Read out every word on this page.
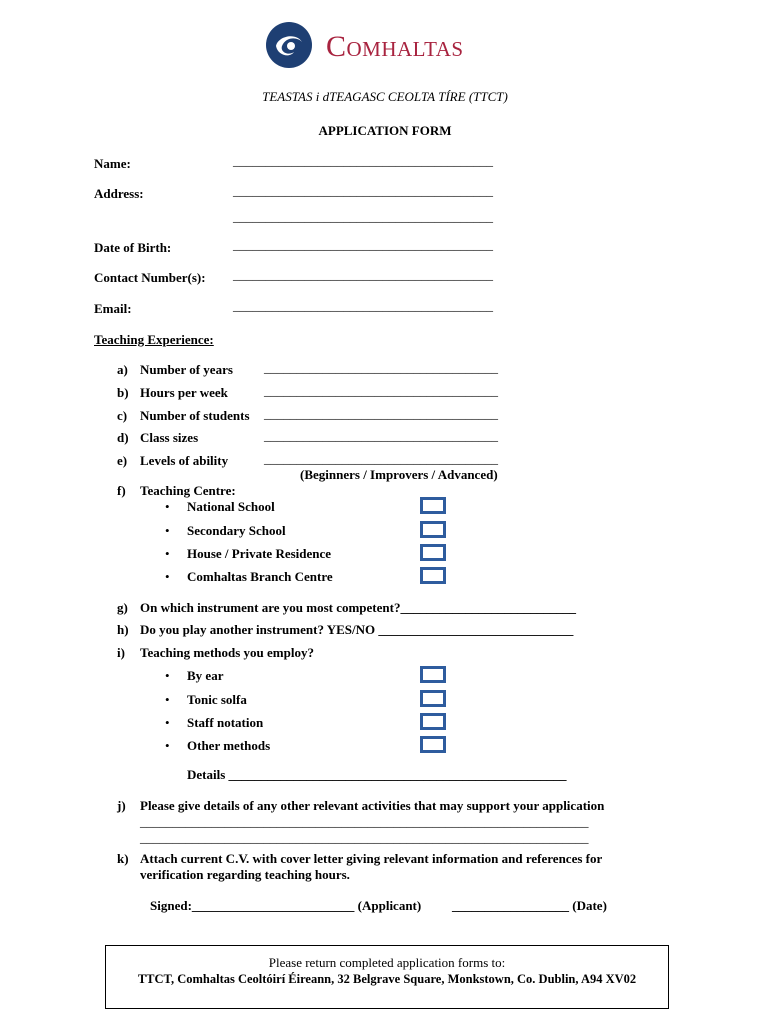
Comhaltas
TEASTAS i dTEAGASC CEOLTA TÍRE (TTCT)
APPLICATION FORM
Name:	________________________________________
Address:	________________________________________
________________________________________
Date of Birth:	________________________________________
Contact Number(s): ________________________________________
Email:	________________________________________
Teaching Experience:
a) Number of years ____________________________________
b) Hours per week	____________________________________
c) Number of students ____________________________________
d) Class sizes	____________________________________
e) Levels of ability	____________________________________
(Beginners / Improvers / Advanced)
f) Teaching Centre:
• National School
• Secondary School
• House / Private Residence
• Comhaltas Branch Centre
g) On which instrument are you most competent?___________________________
h) Do you play another instrument? YES/NO ______________________________
i) Teaching methods you employ?
• By ear
• Tonic solfa
• Staff notation
• Other methods
Details ____________________________________________________
j) Please give details of any other relevant activities that may support your application
_____________________________________________________________________
_____________________________________________________________________
k) Attach current C.V. with cover letter giving relevant information and references for
verification regarding teaching hours.
Signed:_________________________ (Applicant) __________________ (Date)
Please return completed application forms to:
TTCT, Comhaltas Ceoltóirí Éireann, 32 Belgrave Square, Monkstown, Co. Dublin, A94 XV02
